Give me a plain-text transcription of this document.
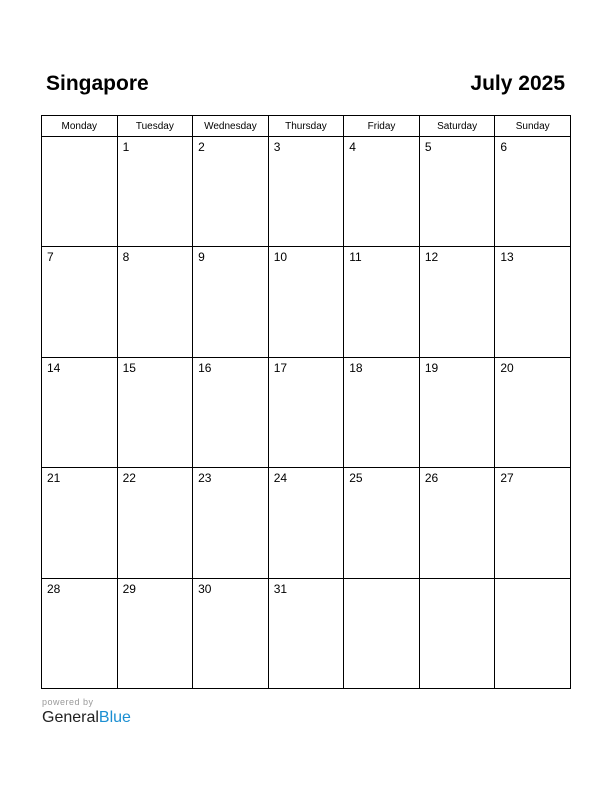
Singapore	July 2025
Monday	Tuesday	Wednesday	Thursday	Friday	Saturday	Sunday

	1	2	3	4	5	6

7	8	9	10	11	12	13

14	15	16	17	18	19	20

21	22	23	24	25	26	27

28	29	30	31			

powered by
GeneralBlue
